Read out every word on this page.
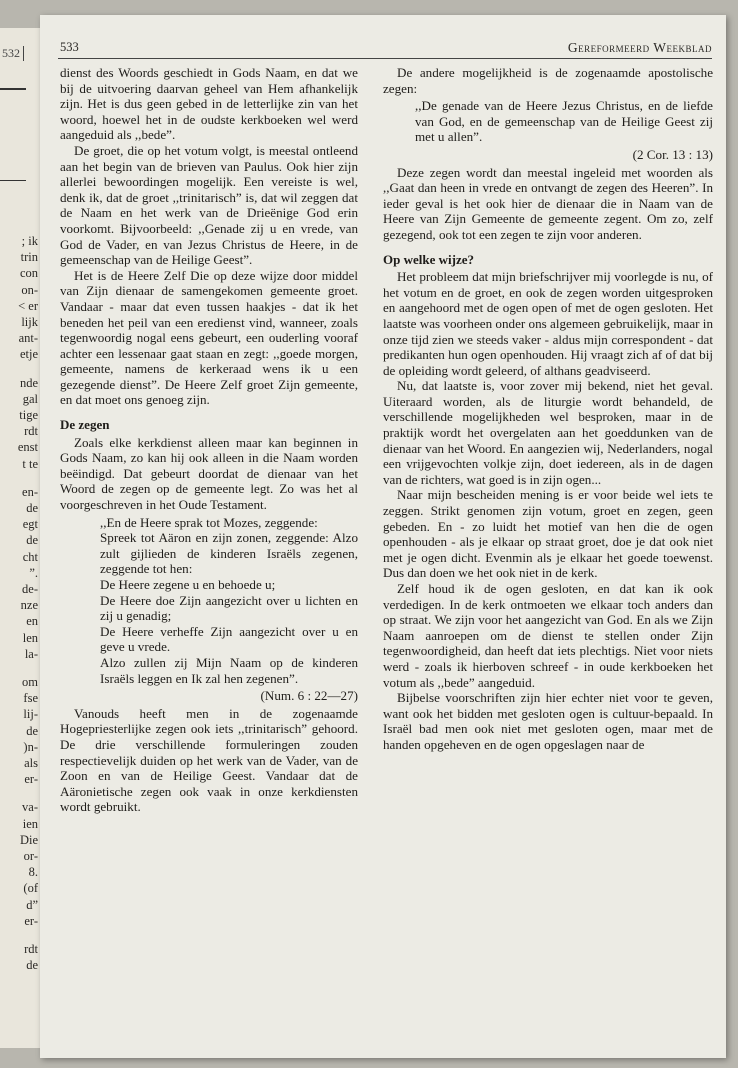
532
; ik
trin
con
on-
< er
lijk
ant-
etje
nde
gal
tige
rdt
enst
t te
en-
de
egt
de
cht
”.
de-
nze
en
len
la-
om
fse
lij-
de
)n-
als
er-
va-
ien
Die
or-
8.
(of
d”
er-
rdt
de
533	Gereformeerd Weekblad

dienst des Woords geschiedt in Gods Naam, en dat we bij de uitvoering daarvan geheel van Hem afhankelijk zijn. Het is dus geen gebed in de letterlijke zin van het woord, hoewel het in de oudste kerkboeken wel werd aangeduid als ,,bede”.

De groet, die op het votum volgt, is meestal ontleend aan het begin van de brieven van Paulus. Ook hier zijn allerlei bewoordingen mogelijk. Een vereiste is wel, denk ik, dat de groet ,,trinitarisch” is, dat wil zeggen dat de Naam en het werk van de Drieënige God erin voorkomt. Bijvoorbeeld: ,,Genade zij u en vrede, van God de Vader, en van Jezus Christus de Heere, in de gemeenschap van de Heilige Geest”.

Het is de Heere Zelf Die op deze wijze door middel van Zijn dienaar de samengekomen gemeente groet. Vandaar - maar dat even tussen haakjes - dat ik het beneden het peil van een eredienst vind, wanneer, zoals tegenwoordig nogal eens gebeurt, een ouderling vooraf achter een lessenaar gaat staan en zegt: ,,goede morgen, gemeente, namens de kerkeraad wens ik u een gezegende dienst”. De Heere Zelf groet Zijn gemeente, en dat moet ons genoeg zijn.

De zegen

Zoals elke kerkdienst alleen maar kan beginnen in Gods Naam, zo kan hij ook alleen in die Naam worden beëindigd. Dat gebeurt doordat de dienaar van het Woord de zegen op de gemeente legt. Zo was het al voorgeschreven in het Oude Testament.

,,En de Heere sprak tot Mozes, zeggende:

Spreek tot Aäron en zijn zonen, zeggende: Alzo zult gijlieden de kinderen Israëls zegenen, zeggende tot hen:

De Heere zegene u en behoede u;

De Heere doe Zijn aangezicht over u lichten en zij u genadig;

De Heere verheffe Zijn aangezicht over u en geve u vrede.

Alzo zullen zij Mijn Naam op de kinderen Israëls leggen en Ik zal hen zegenen”.

(Num. 6 : 22—27)

Vanouds heeft men in de zogenaamde Hogepriesterlijke zegen ook iets ,,trinitarisch” gehoord. De drie verschillende formuleringen zouden respectievelijk duiden op het werk van de Vader, van de Zoon en van de Heilige Geest. Vandaar dat de Aäronietische zegen ook vaak in onze kerkdiensten wordt gebruikt.

De andere mogelijkheid is de zogenaamde apostolische zegen:

,,De genade van de Heere Jezus Christus, en de liefde van God, en de gemeenschap van de Heilige Geest zij met u allen”.

(2 Cor. 13 : 13)

Deze zegen wordt dan meestal ingeleid met woorden als ,,Gaat dan heen in vrede en ontvangt de zegen des Heeren”. In ieder geval is het ook hier de dienaar die in Naam van de Heere van Zijn Gemeente de gemeente zegent. Om zo, zelf gezegend, ook tot een zegen te zijn voor anderen.

Op welke wijze?

Het probleem dat mijn briefschrijver mij voorlegde is nu, of het votum en de groet, en ook de zegen worden uitgesproken en aangehoord met de ogen open of met de ogen gesloten. Het laatste was voorheen onder ons algemeen gebruikelijk, maar in onze tijd zien we steeds vaker - aldus mijn correspondent - dat predikanten hun ogen openhouden. Hij vraagt zich af of dat bij de opleiding wordt geleerd, of althans geadviseerd.

Nu, dat laatste is, voor zover mij bekend, niet het geval. Uiteraard worden, als de liturgie wordt behandeld, de verschillende mogelijkheden wel besproken, maar in de praktijk wordt het overgelaten aan het goeddunken van de dienaar van het Woord. En aangezien wij, Nederlanders, nogal een vrijgevochten volkje zijn, doet iedereen, als in de dagen van de richters, wat goed is in zijn ogen...

Naar mijn bescheiden mening is er voor beide wel iets te zeggen. Strikt genomen zijn votum, groet en zegen, geen gebeden. En - zo luidt het motief van hen die de ogen openhouden - als je elkaar op straat groet, doe je dat ook niet met je ogen dicht. Evenmin als je elkaar het goede toewenst. Dus dan doen we het ook niet in de kerk.

Zelf houd ik de ogen gesloten, en dat kan ik ook verdedigen. In de kerk ontmoeten we elkaar toch anders dan op straat. We zijn voor het aangezicht van God. En als we Zijn Naam aanroepen om de dienst te stellen onder Zijn tegenwoordigheid, dan heeft dat iets plechtigs. Niet voor niets werd - zoals ik hierboven schreef - in oude kerkboeken het votum als ,,bede” aangeduid.

Bijbelse voorschriften zijn hier echter niet voor te geven, want ook het bidden met gesloten ogen is cultuur-bepaald. In Israël bad men ook niet met gesloten ogen, maar met de handen opgeheven en de ogen opgeslagen naar de
